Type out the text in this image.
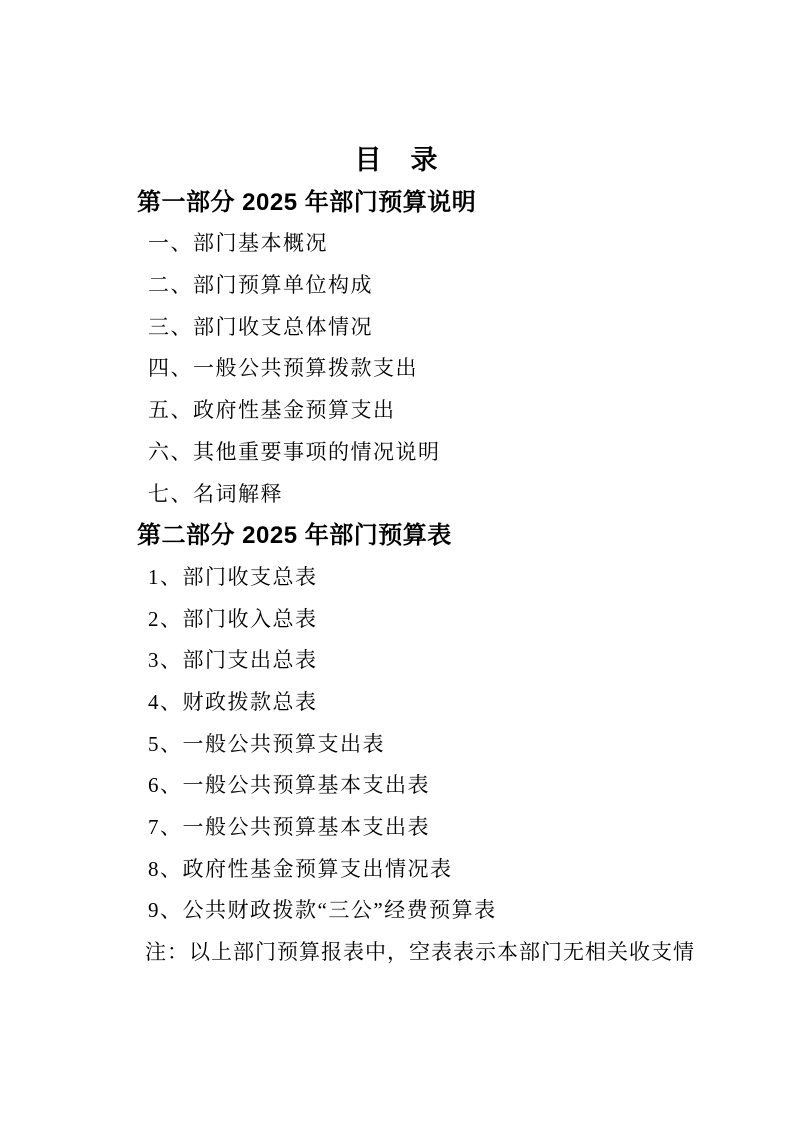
目　录
第一部分 2025 年部门预算说明
一、部门基本概况
二、部门预算单位构成
三、部门收支总体情况
四、一般公共预算拨款支出
五、政府性基金预算支出
六、其他重要事项的情况说明
七、名词解释
第二部分 2025 年部门预算表
1、部门收支总表
2、部门收入总表
3、部门支出总表
4、财政拨款总表
5、一般公共预算支出表
6、一般公共预算基本支出表
7、一般公共预算基本支出表
8、政府性基金预算支出情况表
9、公共财政拨款“三公”经费预算表
注：以上部门预算报表中，空表表示本部门无相关收支情
